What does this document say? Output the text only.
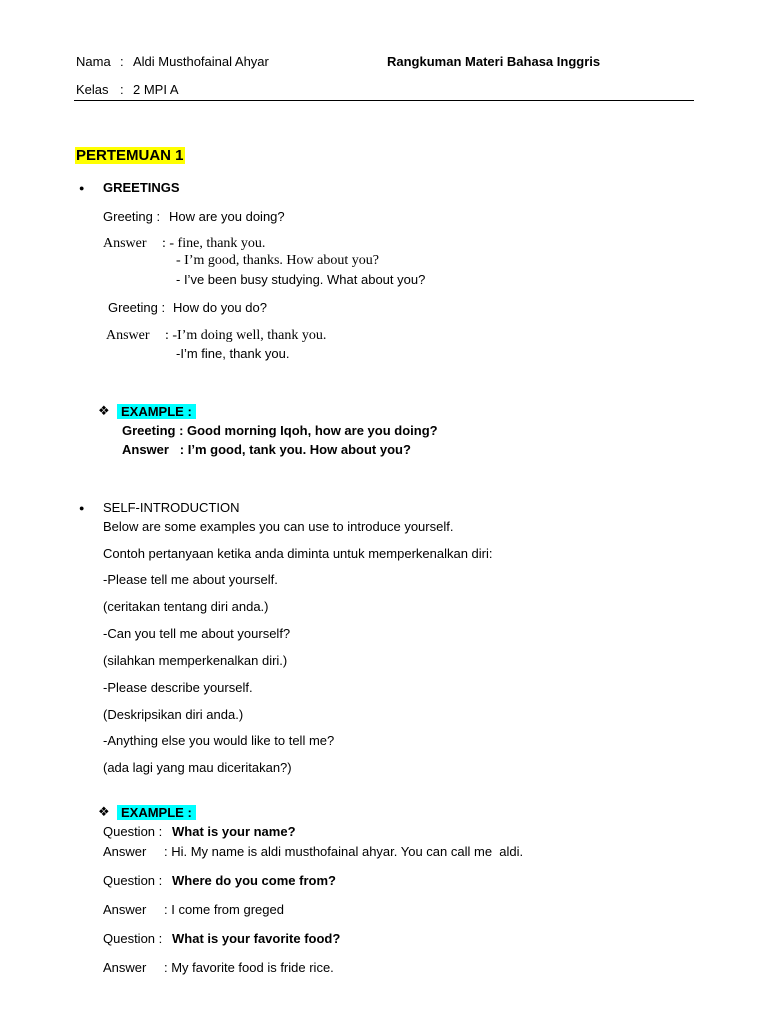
Nama : Aldi Musthofainal Ahyar	Rangkuman Materi Bahasa Inggris
Kelas : 2 MPI A
PERTEMUAN 1
● GREETINGS
Greeting : How are you doing?
Answer : - fine, thank you.
- I’m good, thanks. How about you?
- I’ve been busy studying. What about you?
Greeting : How do you do?
Answer : -I’m doing well, thank you.
-I’m fine, thank you.
❖ EXAMPLE :
Greeting : Good morning Iqoh, how are you doing?
Answer   : I’m good, tank you. How about you?
● SELF-INTRODUCTION
Below are some examples you can use to introduce yourself.
Contoh pertanyaan ketika anda diminta untuk memperkenalkan diri:
-Please tell me about yourself.
(ceritakan tentang diri anda.)
-Can you tell me about yourself?
(silahkan memperkenalkan diri.)
-Please describe yourself.
(Deskripsikan diri anda.)
-Anything else you would like to tell me?
(ada lagi yang mau diceritakan?)
❖ EXAMPLE :
Question : What is your name?
Answer : Hi. My name is aldi musthofainal ahyar. You can call me  aldi.
Question : Where do you come from?
Answer : I come from greged
Question : What is your favorite food?
Answer : My favorite food is fride rice.
